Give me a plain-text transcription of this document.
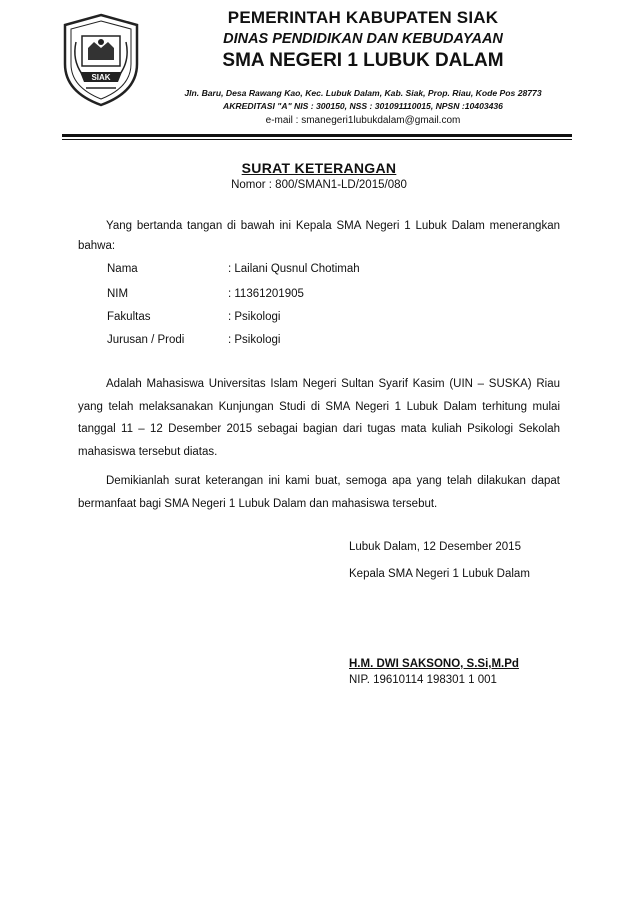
SIAK
PEMERINTAH KABUPATEN SIAK
DINAS PENDIDIKAN DAN KEBUDAYAAN
SMA NEGERI 1 LUBUK DALAM
Jln. Baru, Desa Rawang Kao, Kec. Lubuk Dalam, Kab. Siak, Prop. Riau, Kode Pos 28773
AKREDITASI "A" NIS : 300150, NSS : 301091110015, NPSN :10403436
e-mail : smanegeri1lubukdalam@gmail.com
SURAT KETERANGAN
Nomor : 800/SMAN1-LD/2015/080
Yang bertanda tangan di bawah ini Kepala SMA Negeri 1 Lubuk Dalam menerangkan bahwa:
Nama	: Lailani Qusnul Chotimah
NIM	: 11361201905
Fakultas	: Psikologi
Jurusan / Prodi	: Psikologi
Adalah Mahasiswa Universitas Islam Negeri Sultan Syarif Kasim (UIN – SUSKA) Riau yang telah melaksanakan Kunjungan Studi di SMA Negeri 1 Lubuk Dalam terhitung mulai tanggal 11 – 12 Desember 2015 sebagai bagian dari tugas mata kuliah Psikologi Sekolah mahasiswa tersebut diatas.
Demikianlah surat keterangan ini kami buat, semoga apa yang telah dilakukan dapat bermanfaat bagi SMA Negeri 1 Lubuk Dalam dan mahasiswa tersebut.
Lubuk Dalam, 12 Desember 2015
Kepala SMA Negeri 1 Lubuk Dalam
H.M. DWI SAKSONO, S.Si,M.Pd
NIP. 19610114 198301 1 001
